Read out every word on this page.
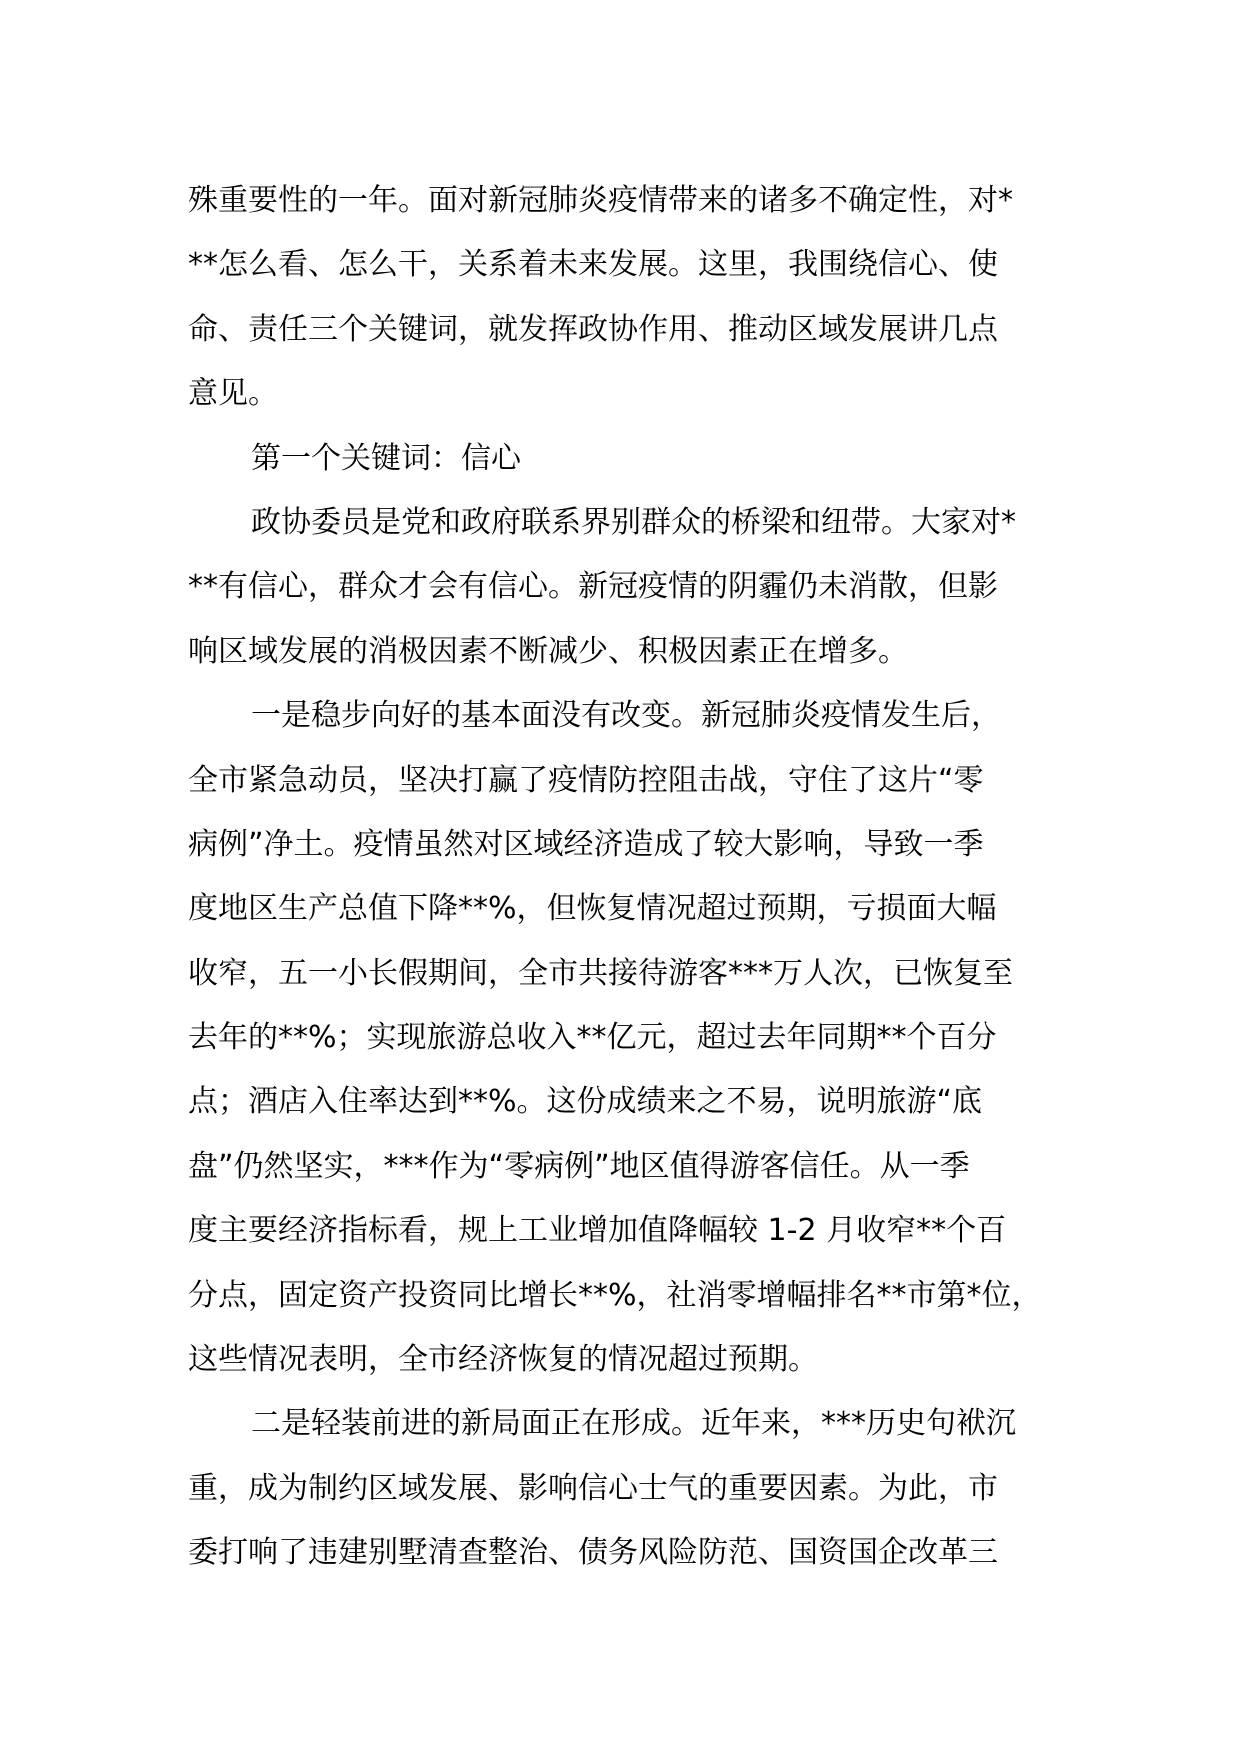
殊重要性的一年。面对新冠肺炎疫情带来的诸多不确定性，对*
**怎么看、怎么干，关系着未来发展。这里，我围绕信心、使
命、责任三个关键词，就发挥政协作用、推动区域发展讲几点
意见。
第一个关键词：信心
政协委员是党和政府联系界别群众的桥梁和纽带。大家对*
**有信心，群众才会有信心。新冠疫情的阴霾仍未消散，但影
响区域发展的消极因素不断减少、积极因素正在增多。
一是稳步向好的基本面没有改变。新冠肺炎疫情发生后，
全市紧急动员，坚决打赢了疫情防控阻击战，守住了这片“零
病例”净土。疫情虽然对区域经济造成了较大影响，导致一季
度地区生产总值下降**%，但恢复情况超过预期，亏损面大幅
收窄，五一小长假期间，全市共接待游客***万人次，已恢复至
去年的**%；实现旅游总收入**亿元，超过去年同期**个百分
点；酒店入住率达到**%。这份成绩来之不易，说明旅游“底
盘”仍然坚实，***作为“零病例”地区值得游客信任。从一季
度主要经济指标看，规上工业增加值降幅较 1-2 月收窄**个百
分点，固定资产投资同比增长**%，社消零增幅排名**市第*位，
这些情况表明，全市经济恢复的情况超过预期。
二是轻装前进的新局面正在形成。近年来，***历史句袱沉
重，成为制约区域发展、影响信心士气的重要因素。为此，市
委打响了违建别墅清查整治、债务风险防范、国资国企改革三
